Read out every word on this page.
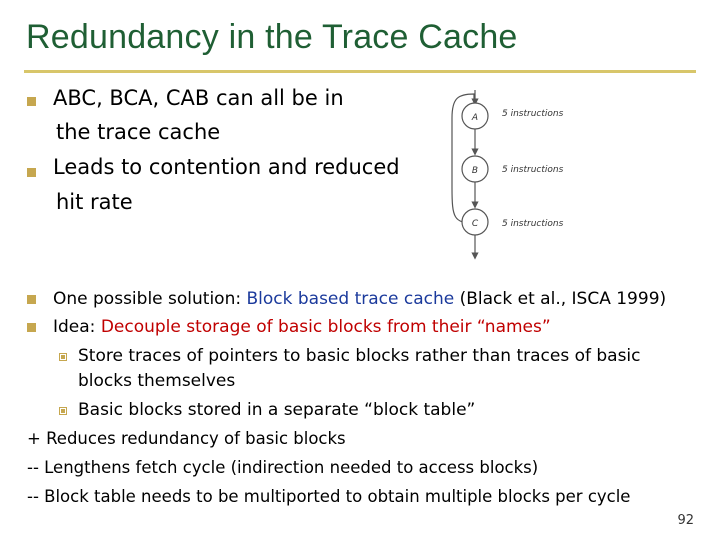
Redundancy in the Trace Cache
ABC, BCA, CAB can all be in
the trace cache
Leads to contention and reduced
hit rate
A
B
C
5 instructions
5 instructions
5 instructions
One possible solution: Block based trace cache (Black et al., ISCA 1999)
Idea: Decouple storage of basic blocks from their “names”
Store traces of pointers to basic blocks rather than traces of basic
blocks themselves
Basic blocks stored in a separate “block table”
+ Reduces redundancy of basic blocks
-- Lengthens fetch cycle (indirection needed to access blocks)
-- Block table needs to be multiported to obtain multiple blocks per cycle
92
